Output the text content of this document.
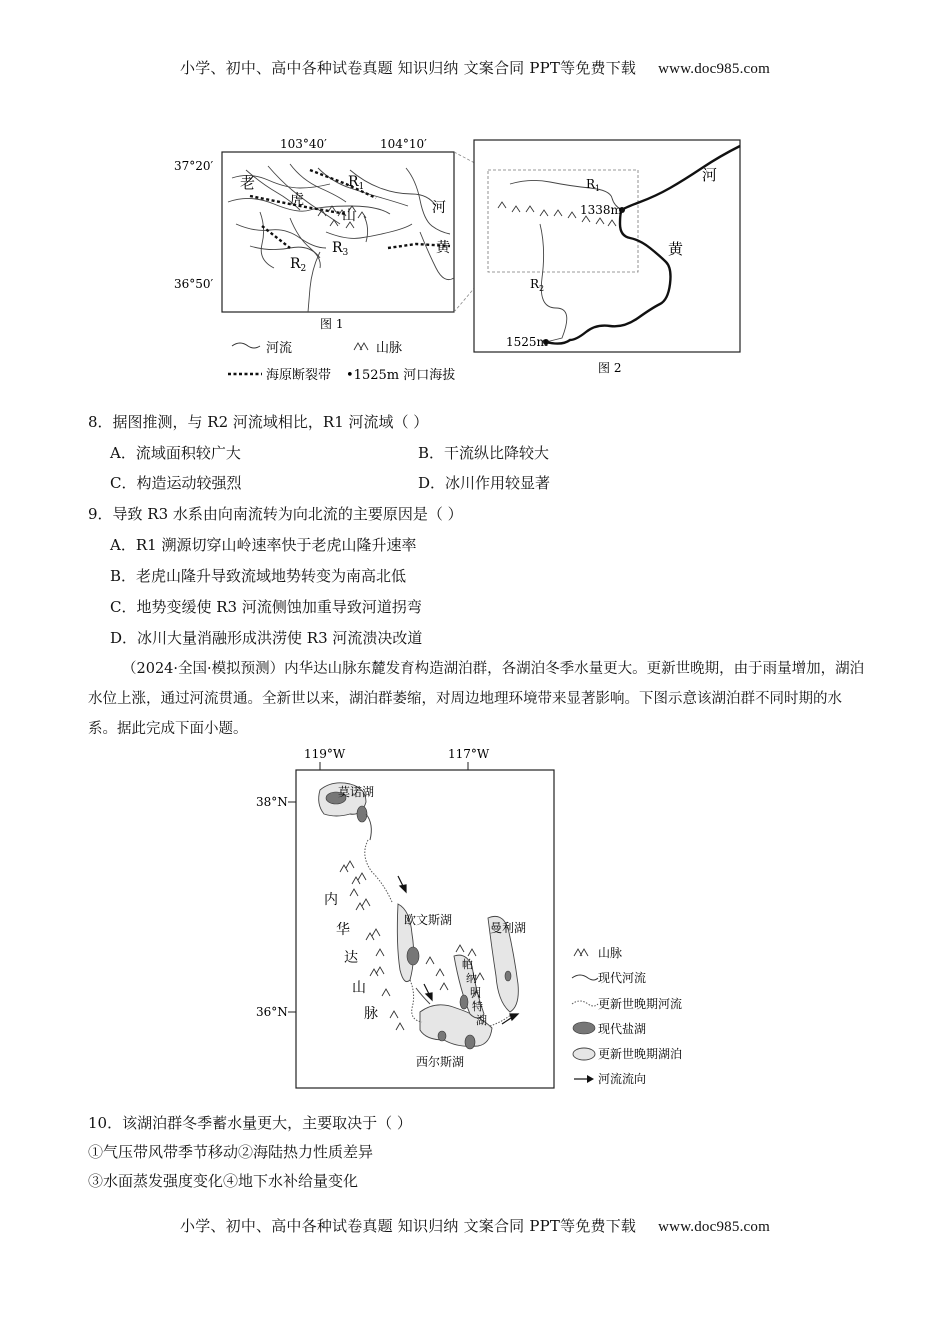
小学、初中、高中各种试卷真题 知识归纳 文案合同 PPT等免费下载 www.doc985.com
103°40′	104°10′
37°20′
36°50′
老
虎
山
$R_1$
$R_2$
$R_3$
河
黄
图 1
$R_1$
$R_2$
1338m
1525m
河
黄
图 2
河流	山脉
海原断裂带 •1525m 河口海拔
8．据图推测，与 R2 河流域相比，R1 河流域（ ）
A．流域面积较广大	B．干流纵比降较大
C．构造运动较强烈	D．冰川作用较显著
9．导致 R3 水系由向南流转为向北流的主要原因是（ ）
A．R1 溯源切穿山岭速率快于老虎山隆升速率
B．老虎山隆升导致流域地势转变为南高北低
C．地势变缓使 R3 河流侧蚀加重导致河道拐弯
D．冰川大量消融形成洪涝使 R3 河流溃决改道
（2024·全国·模拟预测）内华达山脉东麓发育构造湖泊群，各湖泊冬季水量更大。更新世晚期，由于雨量增加，湖泊水位上涨，通过河流贯通。全新世以来，湖泊群萎缩，对周边地理环境带来显著影响。下图示意该湖泊群不同时期的水系。据此完成下面小题。
119°W	117°W
38°N
36°N
莫诺湖
欧文斯湖
曼利湖
西尔斯湖
帕
纳
明
特
湖
内
华
达
山
脉
山脉
现代河流
更新世晚期河流
现代盐湖
更新世晚期湖泊
河流流向
10．该湖泊群冬季蓄水量更大，主要取决于（ ）
①气压带风带季节移动②海陆热力性质差异
③水面蒸发强度变化④地下水补给量变化
小学、初中、高中各种试卷真题 知识归纳 文案合同 PPT等免费下载 www.doc985.com
